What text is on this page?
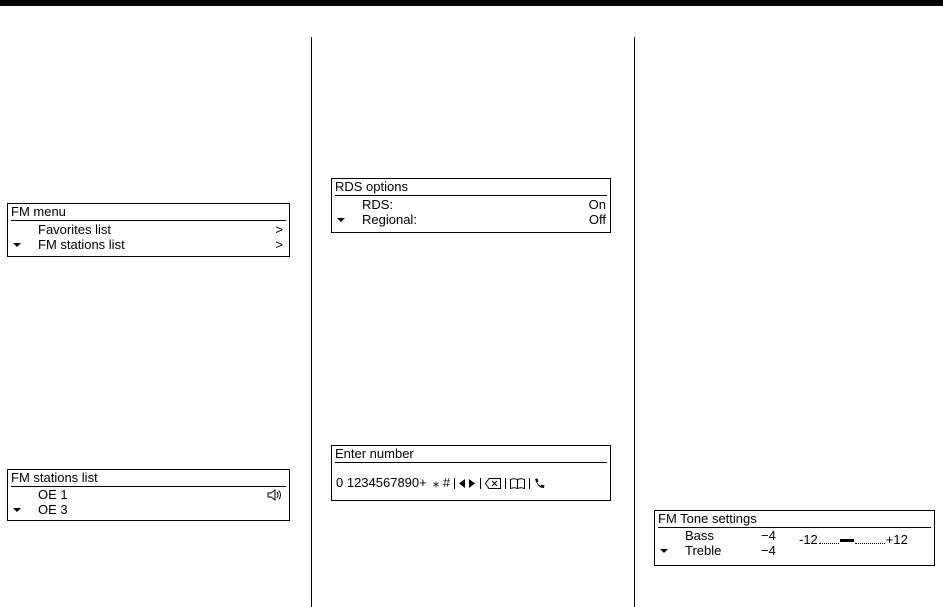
FM menu
Favorites list	>
FM stations list	>
FM stations list
OE 1
OE 3
RDS options
RDS:	On
Regional:	Off
Enter number
0 1234567890+ ⁎ #
FM Tone settings
Bass	−4
Treble	−4
-12	+12
